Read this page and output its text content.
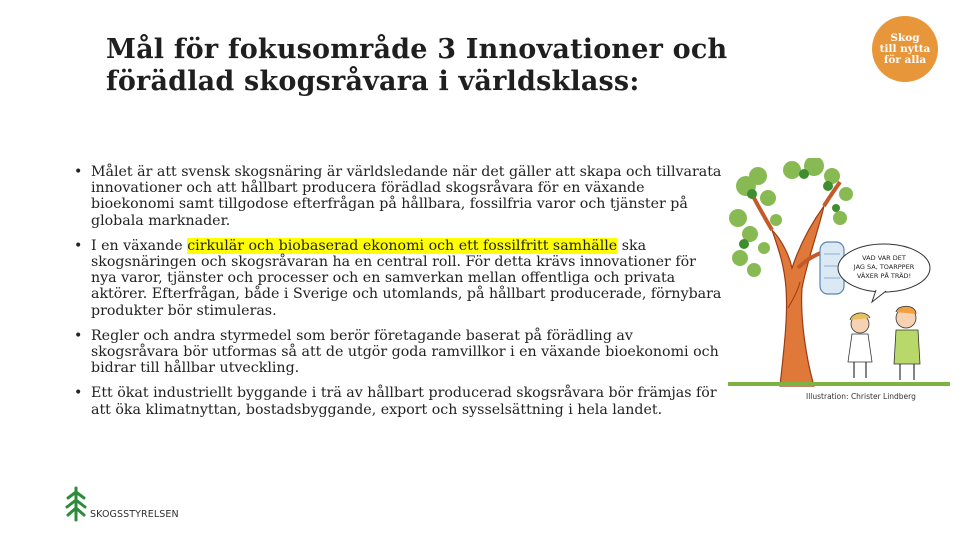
Mål för fokusområde 3 Innovationer och
förädlad skogsråvara i världsklass:
Skog
till nytta
för alla
• Målet är att svensk skogsnäring är världsledande när det gäller att skapa och tillvarata innovationer och att hållbart producera förädlad skogsråvara för en växande bioekonomi samt tillgodose efterfrågan på hållbara, fossilfria varor och tjänster på globala marknader.
• I en växande cirkulär och biobaserad ekonomi och ett fossilfritt samhälle ska skogsnäringen och skogsråvaran ha en central roll. För detta krävs innovationer för nya varor, tjänster och processer och en samverkan mellan offentliga och privata aktörer. Efterfrågan, både i Sverige och utomlands, på hållbart producerade, förnybara produkter bör stimuleras.
• Regler och andra styrmedel som berör företagande baserat på förädling av skogsråvara bör utformas så att de utgör goda ramvillkor i en växande bioekonomi och bidrar till hållbar utveckling.
• Ett ökat industriellt byggande i trä av hållbart producerad skogsråvara bör främjas för att öka klimatnyttan, bostadsbyggande, export och sysselsättning i hela landet.
VAD VAR DET
JAG SA, TOARPPER
VÄXER PÅ TRÄD!
Illustration: Christer Lindberg
SKOGSSTYRELSEN
